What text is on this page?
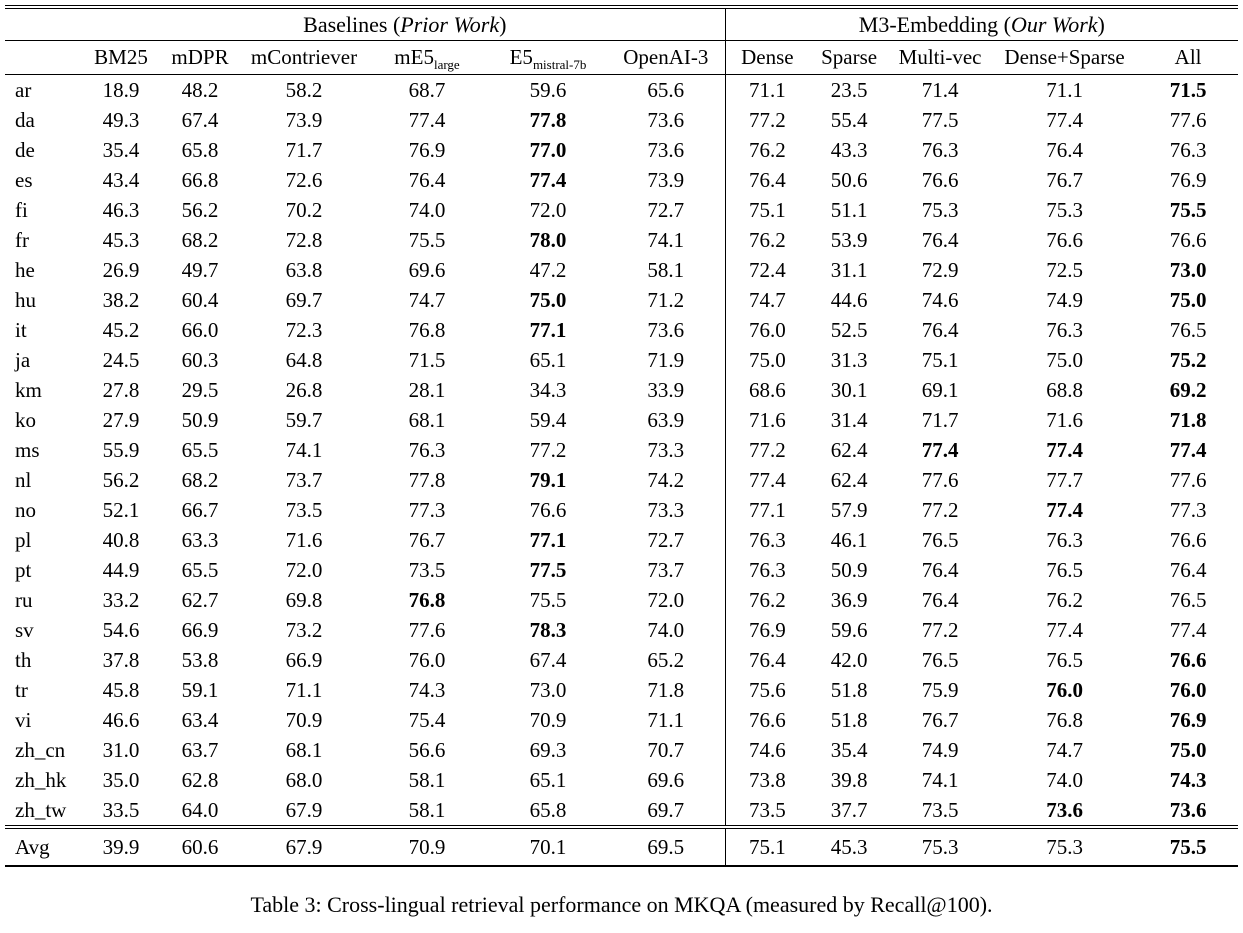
	Baselines (Prior Work)						M3-Embedding (Our Work)				
	BM25	mDPR	mContriever	$mE5_{large}$	$E5_{mistral-7b}$	OpenAI-3	Dense	Sparse	Multi-vec	Dense+Sparse	All
ar	18.9	48.2	58.2	68.7	59.6	65.6	71.1	23.5	71.4	71.1	71.5
da	49.3	67.4	73.9	77.4	77.8	73.6	77.2	55.4	77.5	77.4	77.6
de	35.4	65.8	71.7	76.9	77.0	73.6	76.2	43.3	76.3	76.4	76.3
es	43.4	66.8	72.6	76.4	77.4	73.9	76.4	50.6	76.6	76.7	76.9
fi	46.3	56.2	70.2	74.0	72.0	72.7	75.1	51.1	75.3	75.3	75.5
fr	45.3	68.2	72.8	75.5	78.0	74.1	76.2	53.9	76.4	76.6	76.6
he	26.9	49.7	63.8	69.6	47.2	58.1	72.4	31.1	72.9	72.5	73.0
hu	38.2	60.4	69.7	74.7	75.0	71.2	74.7	44.6	74.6	74.9	75.0
it	45.2	66.0	72.3	76.8	77.1	73.6	76.0	52.5	76.4	76.3	76.5
ja	24.5	60.3	64.8	71.5	65.1	71.9	75.0	31.3	75.1	75.0	75.2
km	27.8	29.5	26.8	28.1	34.3	33.9	68.6	30.1	69.1	68.8	69.2
ko	27.9	50.9	59.7	68.1	59.4	63.9	71.6	31.4	71.7	71.6	71.8
ms	55.9	65.5	74.1	76.3	77.2	73.3	77.2	62.4	77.4	77.4	77.4
nl	56.2	68.2	73.7	77.8	79.1	74.2	77.4	62.4	77.6	77.7	77.6
no	52.1	66.7	73.5	77.3	76.6	73.3	77.1	57.9	77.2	77.4	77.3
pl	40.8	63.3	71.6	76.7	77.1	72.7	76.3	46.1	76.5	76.3	76.6
pt	44.9	65.5	72.0	73.5	77.5	73.7	76.3	50.9	76.4	76.5	76.4
ru	33.2	62.7	69.8	76.8	75.5	72.0	76.2	36.9	76.4	76.2	76.5
sv	54.6	66.9	73.2	77.6	78.3	74.0	76.9	59.6	77.2	77.4	77.4
th	37.8	53.8	66.9	76.0	67.4	65.2	76.4	42.0	76.5	76.5	76.6
tr	45.8	59.1	71.1	74.3	73.0	71.8	75.6	51.8	75.9	76.0	76.0
vi	46.6	63.4	70.9	75.4	70.9	71.1	76.6	51.8	76.7	76.8	76.9
zh_cn	31.0	63.7	68.1	56.6	69.3	70.7	74.6	35.4	74.9	74.7	75.0
zh_hk	35.0	62.8	68.0	58.1	65.1	69.6	73.8	39.8	74.1	74.0	74.3
zh_tw	33.5	64.0	67.9	58.1	65.8	69.7	73.5	37.7	73.5	73.6	73.6
Avg	39.9	60.6	67.9	70.9	70.1	69.5	75.1	45.3	75.3	75.3	75.5
Table 3: Cross-lingual retrieval performance on MKQA (measured by Recall@100).
